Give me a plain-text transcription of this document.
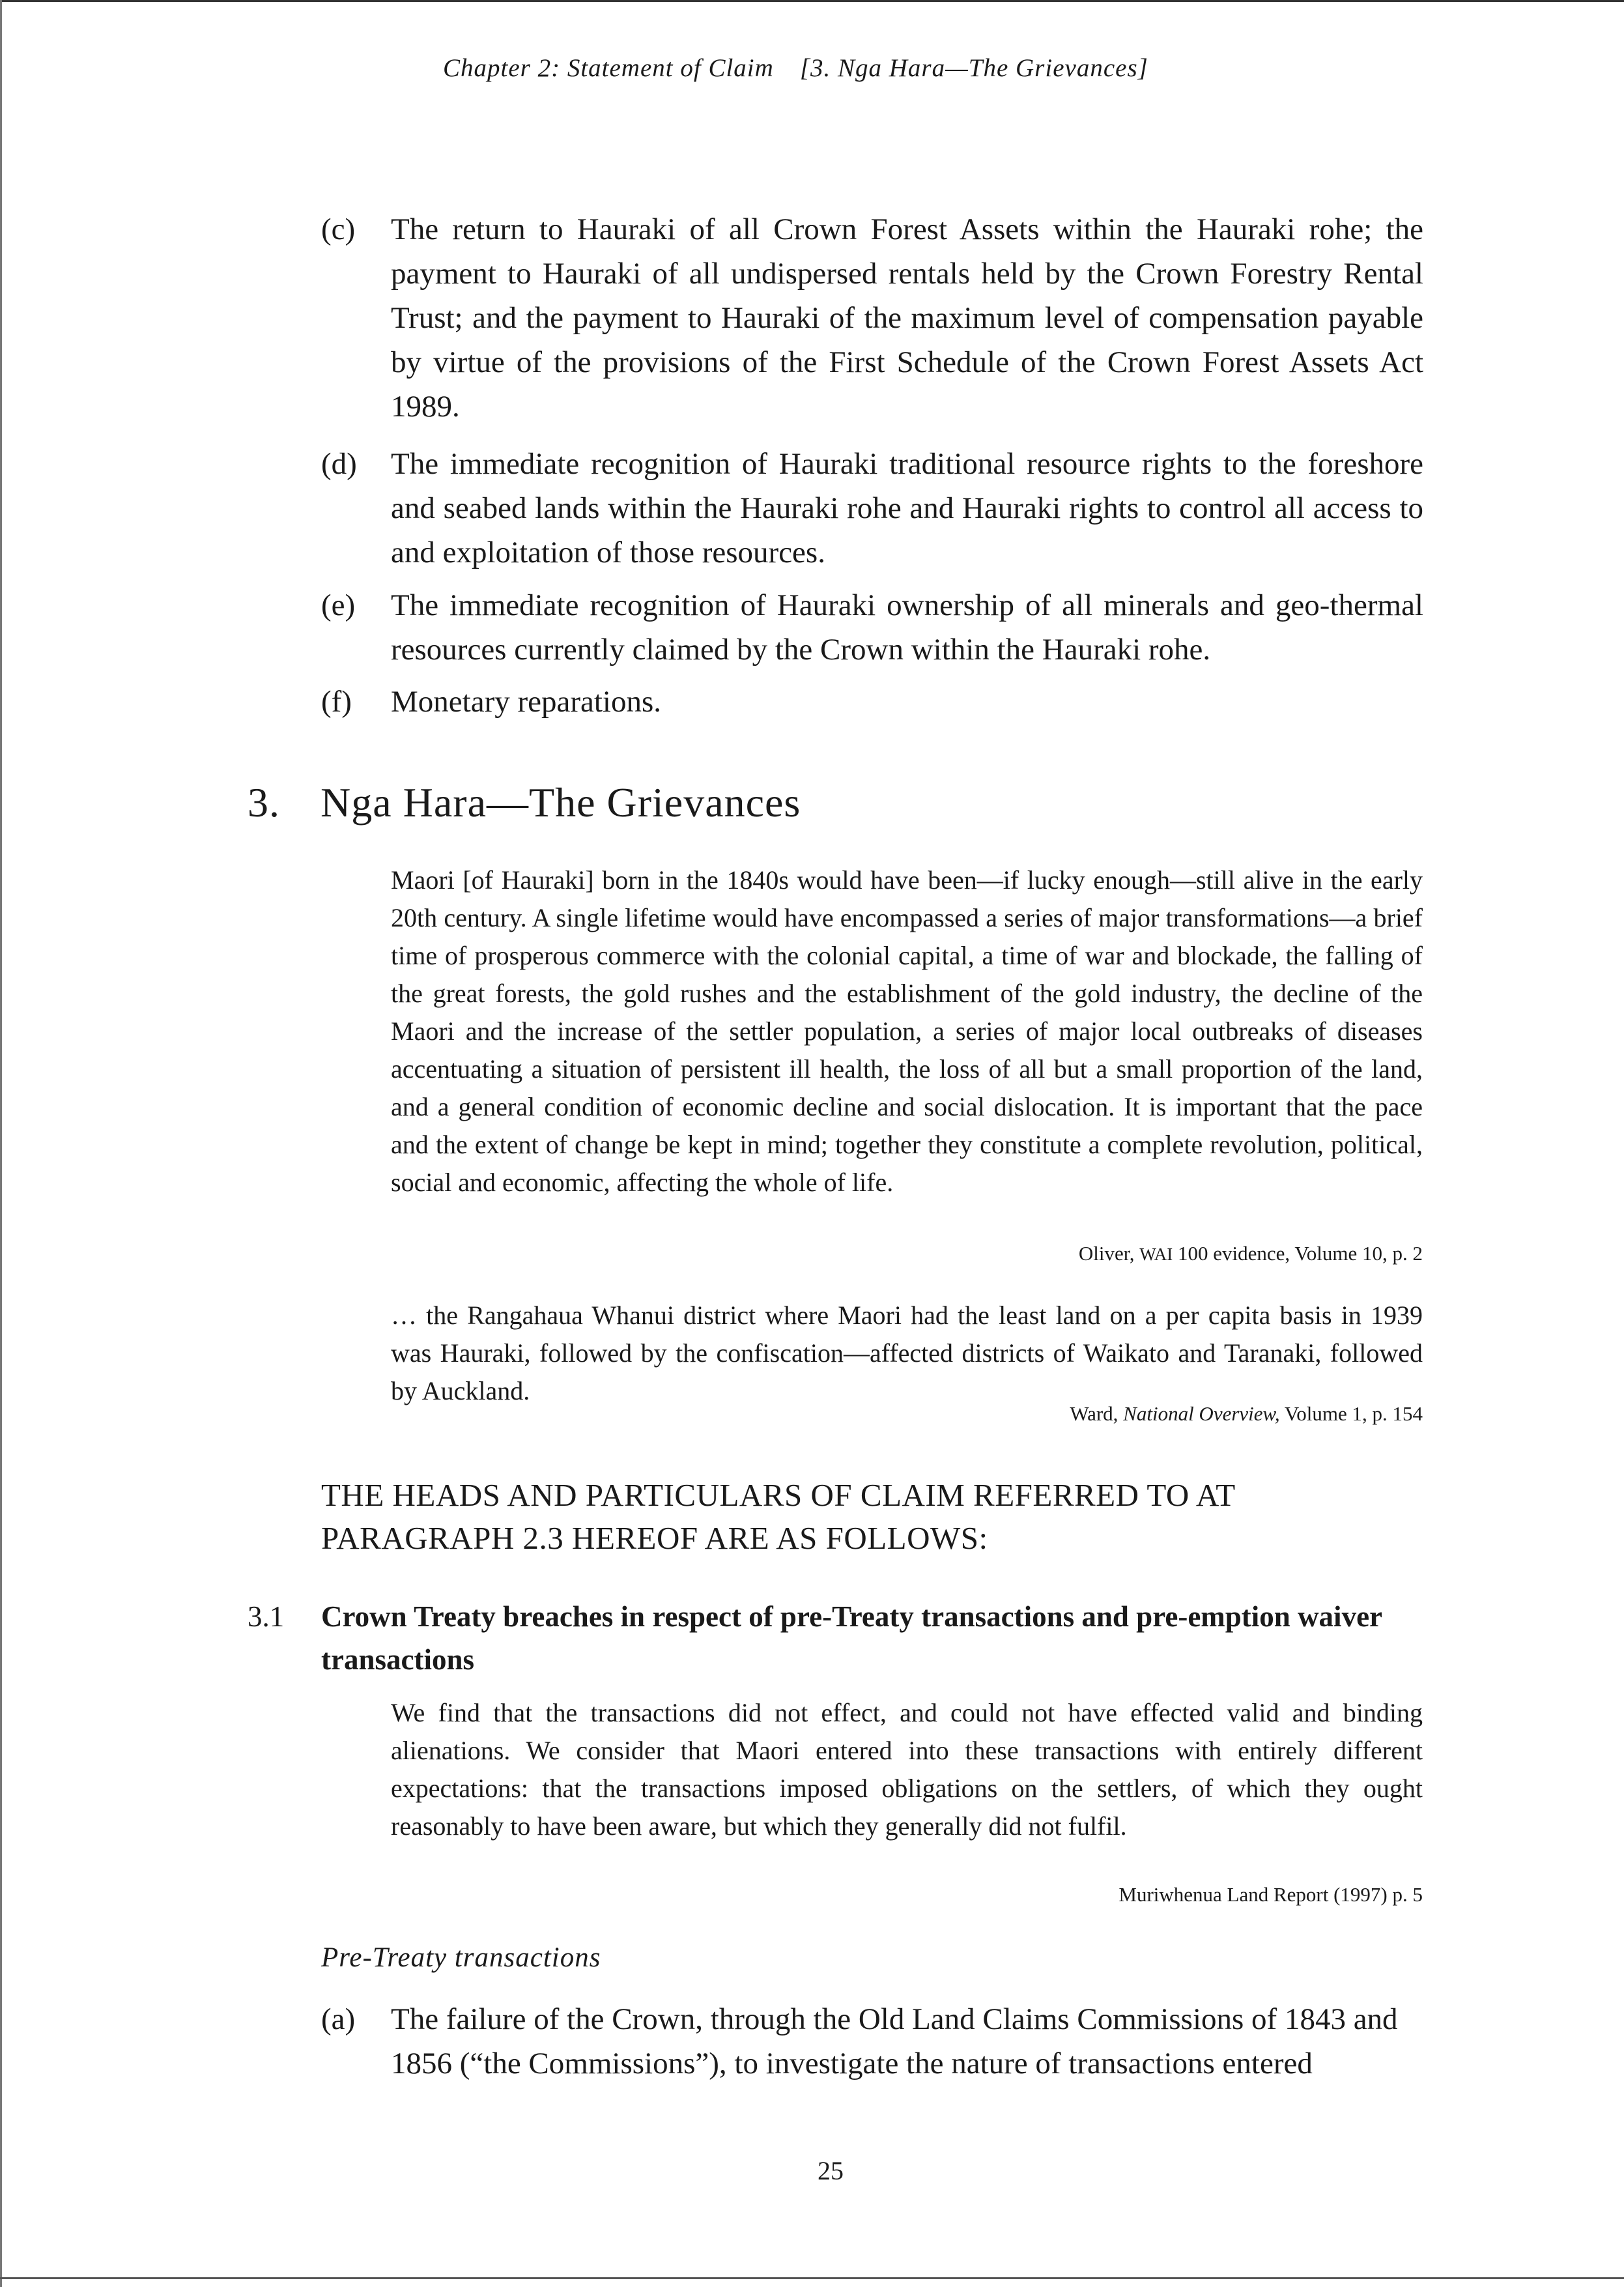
Chapter 2: Statement of Claim [3. Nga Hara—The Grievances]
(c)	The return to Hauraki of all Crown Forest Assets within the Hauraki rohe; the payment to Hauraki of all undispersed rentals held by the Crown Forestry Rental Trust; and the payment to Hauraki of the maximum level of compensation payable by virtue of the provisions of the First Schedule of the Crown Forest Assets Act 1989.
(d)	The immediate recognition of Hauraki traditional resource rights to the foreshore and seabed lands within the Hauraki rohe and Hauraki rights to control all access to and exploitation of those resources.
(e)	The immediate recognition of Hauraki ownership of all minerals and geo-thermal resources currently claimed by the Crown within the Hauraki rohe.
(f)	Monetary reparations.
3. Nga Hara—The Grievances
Maori [of Hauraki] born in the 1840s would have been—if lucky enough—still alive in the early 20th century. A single lifetime would have encompassed a series of major transformations—a brief time of prosperous commerce with the colonial capital, a time of war and blockade, the falling of the great forests, the gold rushes and the establishment of the gold industry, the decline of the Maori and the increase of the settler population, a series of major local outbreaks of diseases accentuating a situation of persistent ill health, the loss of all but a small proportion of the land, and a general condition of economic decline and social dislocation. It is important that the pace and the extent of change be kept in mind; together they constitute a complete revolution, political, social and economic, affecting the whole of life.
Oliver, WAI 100 evidence, Volume 10, p. 2
… the Rangahaua Whanui district where Maori had the least land on a per capita basis in 1939 was Hauraki, followed by the confiscation—affected districts of Waikato and Taranaki, followed by Auckland.
Ward, National Overview, Volume 1, p. 154
THE HEADS AND PARTICULARS OF CLAIM REFERRED TO AT PARAGRAPH 2.3 HEREOF ARE AS FOLLOWS:
3.1 Crown Treaty breaches in respect of pre-Treaty transactions and pre-emption waiver transactions
We find that the transactions did not effect, and could not have effected valid and binding alienations. We consider that Maori entered into these transactions with entirely different expectations: that the transactions imposed obligations on the settlers, of which they ought reasonably to have been aware, but which they generally did not fulfil.
Muriwhenua Land Report (1997) p. 5
Pre-Treaty transactions
(a)	The failure of the Crown, through the Old Land Claims Commissions of 1843 and 1856 (“the Commissions”), to investigate the nature of transactions entered
25
